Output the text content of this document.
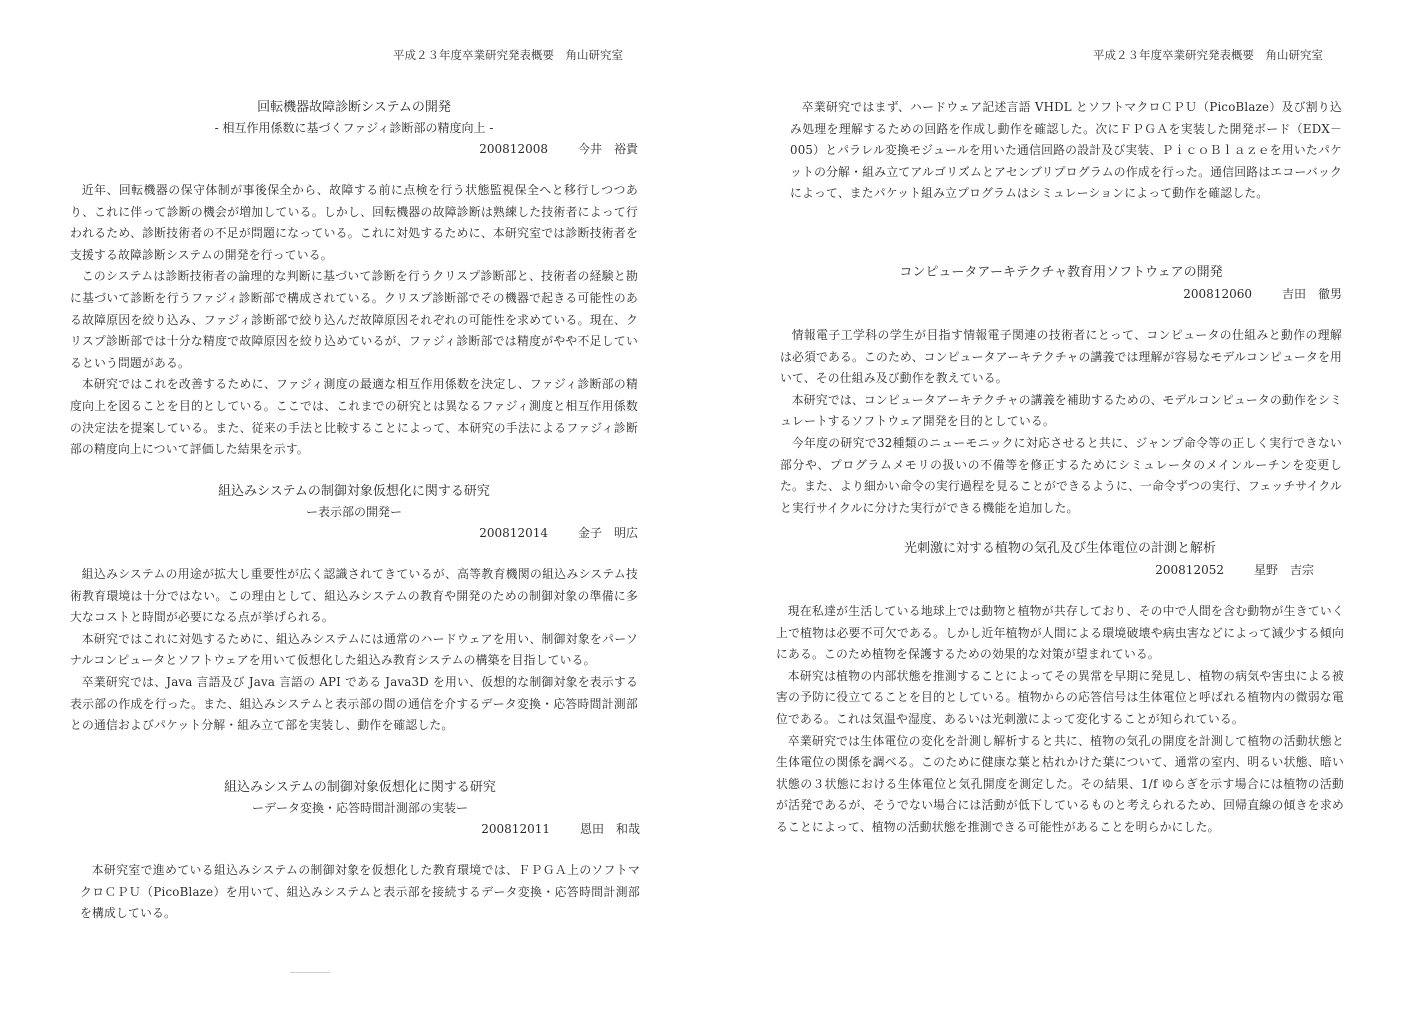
平成２３年度卒業研究発表概要　角山研究室
回転機器故障診断システムの開発
- 相互作用係数に基づくファジィ診断部の精度向上 -
200812008	今井　裕貴

近年、回転機器の保守体制が事後保全から、故障する前に点検を行う状態監視保全へと移行しつつあり、これに伴って診断の機会が増加している。しかし、回転機器の故障診断は熟練した技術者によって行われるため、診断技術者の不足が問題になっている。これに対処するために、本研究室では診断技術者を支援する故障診断システムの開発を行っている。

このシステムは診断技術者の論理的な判断に基づいて診断を行うクリスプ診断部と、技術者の経験と勘に基づいて診断を行うファジィ診断部で構成されている。クリスプ診断部でその機器で起きる可能性のある故障原因を絞り込み、ファジィ診断部で絞り込んだ故障原因それぞれの可能性を求めている。現在、クリスプ診断部では十分な精度で故障原因を絞り込めているが、ファジィ診断部では精度がやや不足しているという問題がある。

本研究ではこれを改善するために、ファジィ測度の最適な相互作用係数を決定し、ファジィ診断部の精度向上を図ることを目的としている。ここでは、これまでの研究とは異なるファジィ測度と相互作用係数の決定法を提案している。また、従来の手法と比較することによって、本研究の手法によるファジィ診断部の精度向上について評価した結果を示す。

組込みシステムの制御対象仮想化に関する研究
ー表示部の開発ー
200812014	金子　明広

組込みシステムの用途が拡大し重要性が広く認識されてきているが、高等教育機関の組込みシステム技術教育環境は十分ではない。この理由として、組込みシステムの教育や開発のための制御対象の準備に多大なコストと時間が必要になる点が挙げられる。

本研究ではこれに対処するために、組込みシステムには通常のハードウェアを用い、制御対象をパーソナルコンピュータとソフトウェアを用いて仮想化した組込み教育システムの構築を目指している。

卒業研究では、Java 言語及び Java 言語の API である Java3D を用い、仮想的な制御対象を表示する表示部の作成を行った。また、組込みシステムと表示部の間の通信を介するデータ変換・応答時間計測部との通信およびパケット分解・組み立て部を実装し、動作を確認した。

組込みシステムの制御対象仮想化に関する研究
ーデータ変換・応答時間計測部の実装ー
200812011	恩田　和哉

本研究室で進めている組込みシステムの制御対象を仮想化した教育環境では、ＦＰＧＡ上のソフトマクロＣＰＵ（PicoBlaze）を用いて、組込みシステムと表示部を接続するデータ変換・応答時間計測部を構成している。

平成２３年度卒業研究発表概要　角山研究室

卒業研究ではまず、ハードウェア記述言語 VHDL とソフトマクロＣＰＵ（PicoBlaze）及び割り込み処理を理解するための回路を作成し動作を確認した。次にＦＰＧＡを実装した開発ボード（EDX－005）とパラレル変換モジュールを用いた通信回路の設計及び実装、ＰｉｃｏＢｌａｚｅを用いたパケットの分解・組み立てアルゴリズムとアセンブリプログラムの作成を行った。通信回路はエコーバックによって、またパケット組み立プログラムはシミュレーションによって動作を確認した。

コンピュータアーキテクチャ教育用ソフトウェアの開発
200812060	吉田　徹男

情報電子工学科の学生が目指す情報電子関連の技術者にとって、コンピュータの仕組みと動作の理解は必須である。このため、コンピュータアーキテクチャの講義では理解が容易なモデルコンピュータを用いて、その仕組み及び動作を教えている。

本研究では、コンピュータアーキテクチャの講義を補助するための、モデルコンピュータの動作をシミュレートするソフトウェア開発を目的としている。

今年度の研究で32種類のニューモニックに対応させると共に、ジャンプ命令等の正しく実行できない部分や、プログラムメモリの扱いの不備等を修正するためにシミュレータのメインルーチンを変更した。また、より細かい命令の実行過程を見ることができるように、一命令ずつの実行、フェッチサイクルと実行サイクルに分けた実行ができる機能を追加した。

光刺激に対する植物の気孔及び生体電位の計測と解析
200812052	星野　吉宗

現在私達が生活している地球上では動物と植物が共存しており、その中で人間を含む動物が生きていく上で植物は必要不可欠である。しかし近年植物が人間による環境破壊や病虫害などによって減少する傾向にある。このため植物を保護するための効果的な対策が望まれている。

本研究は植物の内部状態を推測することによってその異常を早期に発見し、植物の病気や害虫による被害の予防に役立てることを目的としている。植物からの応答信号は生体電位と呼ばれる植物内の微弱な電位である。これは気温や湿度、あるいは光刺激によって変化することが知られている。

卒業研究では生体電位の変化を計測し解析すると共に、植物の気孔の開度を計測して植物の活動状態と生体電位の関係を調べる。このために健康な葉と枯れかけた葉について、通常の室内、明るい状態、暗い状態の３状態における生体電位と気孔開度を測定した。その結果、1/f ゆらぎを示す場合には植物の活動が活発であるが、そうでない場合には活動が低下しているものと考えられるため、回帰直線の傾きを求めることによって、植物の活動状態を推測できる可能性があることを明らかにした。
